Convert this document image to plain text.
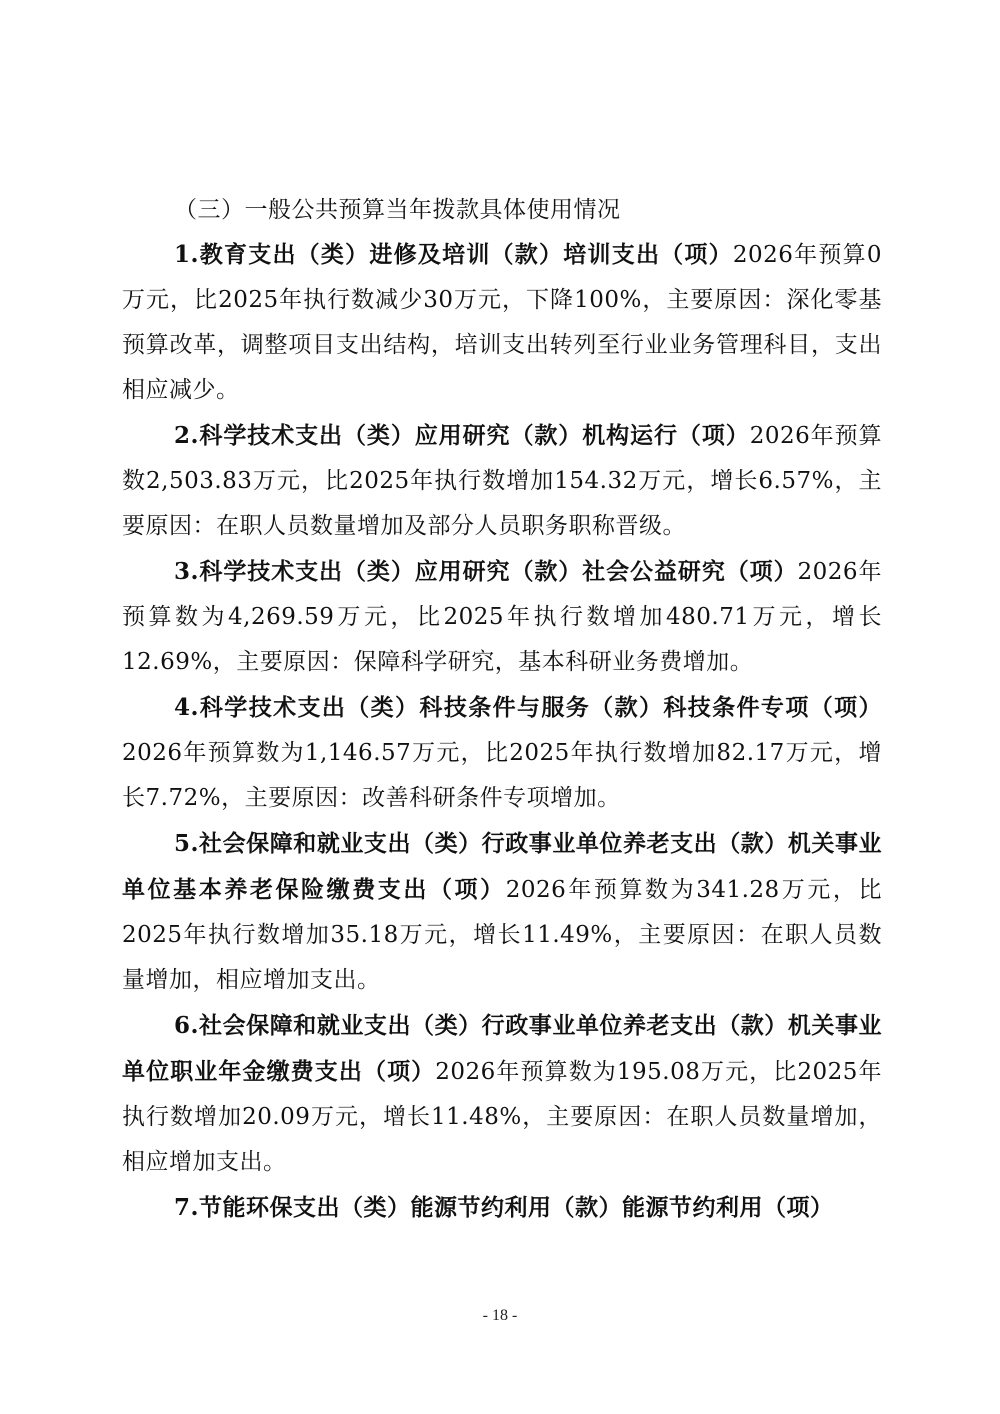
（三）一般公共预算当年拨款具体使用情况

1.教育支出（类）进修及培训（款）培训支出（项）2026年预算0万元，比2025年执行数减少30万元，下降100%，主要原因：深化零基预算改革，调整项目支出结构，培训支出转列至行业业务管理科目，支出相应减少。

2.科学技术支出（类）应用研究（款）机构运行（项）2026年预算数2,503.83万元，比2025年执行数增加154.32万元，增长6.57%，主要原因：在职人员数量增加及部分人员职务职称晋级。

3.科学技术支出（类）应用研究（款）社会公益研究（项）2026年预算数为4,269.59万元，比2025年执行数增加480.71万元，增长12.69%，主要原因：保障科学研究，基本科研业务费增加。

4.科学技术支出（类）科技条件与服务（款）科技条件专项（项）2026年预算数为1,146.57万元，比2025年执行数增加82.17万元，增长7.72%，主要原因：改善科研条件专项增加。

5.社会保障和就业支出（类）行政事业单位养老支出（款）机关事业单位基本养老保险缴费支出（项）2026年预算数为341.28万元，比2025年执行数增加35.18万元，增长11.49%，主要原因：在职人员数量增加，相应增加支出。

6.社会保障和就业支出（类）行政事业单位养老支出（款）机关事业单位职业年金缴费支出（项）2026年预算数为195.08万元，比2025年执行数增加20.09万元，增长11.48%，主要原因：在职人员数量增加，相应增加支出。

7.节能环保支出（类）能源节约利用（款）能源节约利用（项）

- 18 -
